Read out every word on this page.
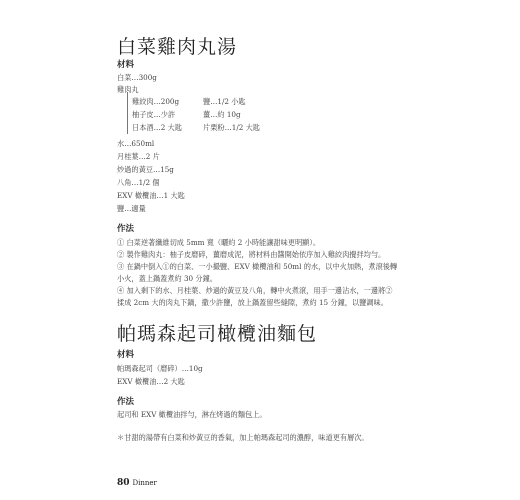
白菜雞肉丸湯
材料
白菜…300g
雞肉丸
雞絞肉…200g
柚子皮…少許
日本酒…2 大匙
鹽…1/2 小匙
薑…約 10g
片栗粉…1/2 大匙
水…650ml
月桂葉…2 片
炒過的黃豆…15g
八角…1/2 個
EXV 橄欖油…1 大匙
鹽…適量
作法
① 白菜逆著纖維切成 5mm 寬（曬約 2 小時能讓甜味更明顯）。
② 製作雞肉丸：柚子皮磨碎，薑磨成泥，將材料由醬開始依序加入雞絞肉攪拌均勻。
③ 在鍋中倒入①的白菜、一小撮鹽、EXV 橄欖油和 50ml 的水，以中火加熱，煮滾後轉
小火，蓋上鍋蓋煮約 30 分鐘。
④ 加入剩下的水、月桂葉、炒過的黃豆及八角，轉中火煮滾，用手一邊沾水，一邊將②
揉成 2cm 大的肉丸下鍋，撒少許鹽，放上鍋蓋留些縫隙，煮約 15 分鐘，以鹽調味。
帕瑪森起司橄欖油麵包
材料
帕瑪森起司（磨碎）…10g
EXV 橄欖油…2 大匙
作法
起司和 EXV 橄欖油拌勻，淋在烤過的麵包上。
＊甘甜的湯帶有白菜和炒黃豆的香氣，加上帕瑪森起司的濃醇，味道更有層次。
80 Dinner
